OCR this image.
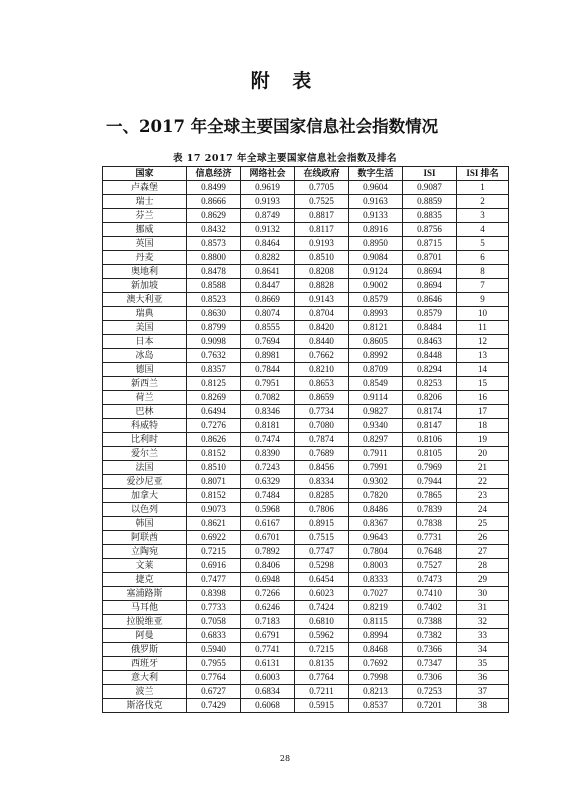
附 表
一、2017 年全球主要国家信息社会指数情况
表 17 2017 年全球主要国家信息社会指数及排名
国家	信息经济	网络社会	在线政府	数字生活	ISI	ISI 排名
卢森堡	0.8499	0.9619	0.7705	0.9604	0.9087	1
瑞士	0.8666	0.9193	0.7525	0.9163	0.8859	2
芬兰	0.8629	0.8749	0.8817	0.9133	0.8835	3
挪威	0.8432	0.9132	0.8117	0.8916	0.8756	4
英国	0.8573	0.8464	0.9193	0.8950	0.8715	5
丹麦	0.8800	0.8282	0.8510	0.9084	0.8701	6
奥地利	0.8478	0.8641	0.8208	0.9124	0.8694	8
新加坡	0.8588	0.8447	0.8828	0.9002	0.8694	7
澳大利亚	0.8523	0.8669	0.9143	0.8579	0.8646	9
瑞典	0.8630	0.8074	0.8704	0.8993	0.8579	10
美国	0.8799	0.8555	0.8420	0.8121	0.8484	11
日本	0.9098	0.7694	0.8440	0.8605	0.8463	12
冰岛	0.7632	0.8981	0.7662	0.8992	0.8448	13
德国	0.8357	0.7844	0.8210	0.8709	0.8294	14
新西兰	0.8125	0.7951	0.8653	0.8549	0.8253	15
荷兰	0.8269	0.7082	0.8659	0.9114	0.8206	16
巴林	0.6494	0.8346	0.7734	0.9827	0.8174	17
科威特	0.7276	0.8181	0.7080	0.9340	0.8147	18
比利时	0.8626	0.7474	0.7874	0.8297	0.8106	19
爱尔兰	0.8152	0.8390	0.7689	0.7911	0.8105	20
法国	0.8510	0.7243	0.8456	0.7991	0.7969	21
爱沙尼亚	0.8071	0.6329	0.8334	0.9302	0.7944	22
加拿大	0.8152	0.7484	0.8285	0.7820	0.7865	23
以色列	0.9073	0.5968	0.7806	0.8486	0.7839	24
韩国	0.8621	0.6167	0.8915	0.8367	0.7838	25
阿联酋	0.6922	0.6701	0.7515	0.9643	0.7731	26
立陶宛	0.7215	0.7892	0.7747	0.7804	0.7648	27
文莱	0.6916	0.8406	0.5298	0.8003	0.7527	28
捷克	0.7477	0.6948	0.6454	0.8333	0.7473	29
塞浦路斯	0.8398	0.7266	0.6023	0.7027	0.7410	30
马耳他	0.7733	0.6246	0.7424	0.8219	0.7402	31
拉脱维亚	0.7058	0.7183	0.6810	0.8115	0.7388	32
阿曼	0.6833	0.6791	0.5962	0.8994	0.7382	33
俄罗斯	0.5940	0.7741	0.7215	0.8468	0.7366	34
西班牙	0.7955	0.6131	0.8135	0.7692	0.7347	35
意大利	0.7764	0.6003	0.7764	0.7998	0.7306	36
波兰	0.6727	0.6834	0.7211	0.8213	0.7253	37
斯洛伐克	0.7429	0.6068	0.5915	0.8537	0.7201	38
28
